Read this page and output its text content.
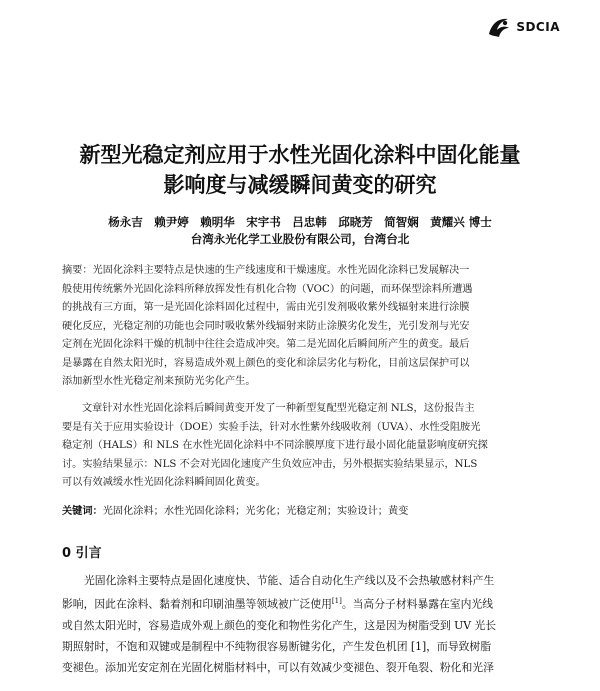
SDCIA
新型光稳定剂应用于水性光固化涂料中固化能量
影响度与减缓瞬间黄变的研究
杨永吉　赖尹婷　赖明华　宋宇书　吕忠韩　邱晓芳　简智娴　黄耀兴 博士
台湾永光化学工业股份有限公司，台湾台北
摘要：光固化涂料主要特点是快速的生产线速度和干燥速度。水性光固化涂料已发展解决一
般使用传统紫外光固化涂料所释放挥发性有机化合物（VOC）的问题，而环保型涂料所遭遇
的挑战有三方面，第一是光固化涂料固化过程中，需由光引发剂吸收紫外线辐射来进行涂膜
硬化反应，光稳定剂的功能也会同时吸收紫外线辐射来防止涂膜劣化发生，光引发剂与光安
定剂在光固化涂料干燥的机制中往往会造成冲突。第二是光固化后瞬间所产生的黄变。最后
是暴露在自然太阳光时，容易造成外观上颜色的变化和涂层劣化与粉化，目前这层保护可以
添加新型水性光稳定剂来预防光劣化产生。
文章针对水性光固化涂料后瞬间黄变开发了一种新型复配型光稳定剂 NLS，这份报告主
要是有关于应用实验设计（DOE）实验手法，针对水性紫外线吸收剂（UVA）、水性受阻胺光
稳定剂（HALS）和 NLS 在水性光固化涂料中不同涂膜厚度下进行最小固化能量影响度研究探
讨。实验结果显示：NLS 不会对光固化速度产生负效应冲击，另外根据实验结果显示，NLS
可以有效减缓水性光固化涂料瞬间固化黄变。
关键词：光固化涂料；水性光固化涂料；光劣化；光稳定剂；实验设计；黄变
0 引言
光固化涂料主要特点是固化速度快、节能、适合自动化生产线以及不会热敏感材料产生
影响，因此在涂料、黏着剂和印刷油墨等领域被广泛使用[1]。当高分子材料暴露在室内光线
或自然太阳光时，容易造成外观上颜色的变化和物性劣化产生，这是因为树脂受到 UV 光长
期照射时，不饱和双键或是制程中不纯物很容易断键劣化，产生发色机团 [1]，而导致树脂
变褪色。添加光安定剂在光固化树脂材料中，可以有效减少变褪色、裂开龟裂、粉化和光泽
